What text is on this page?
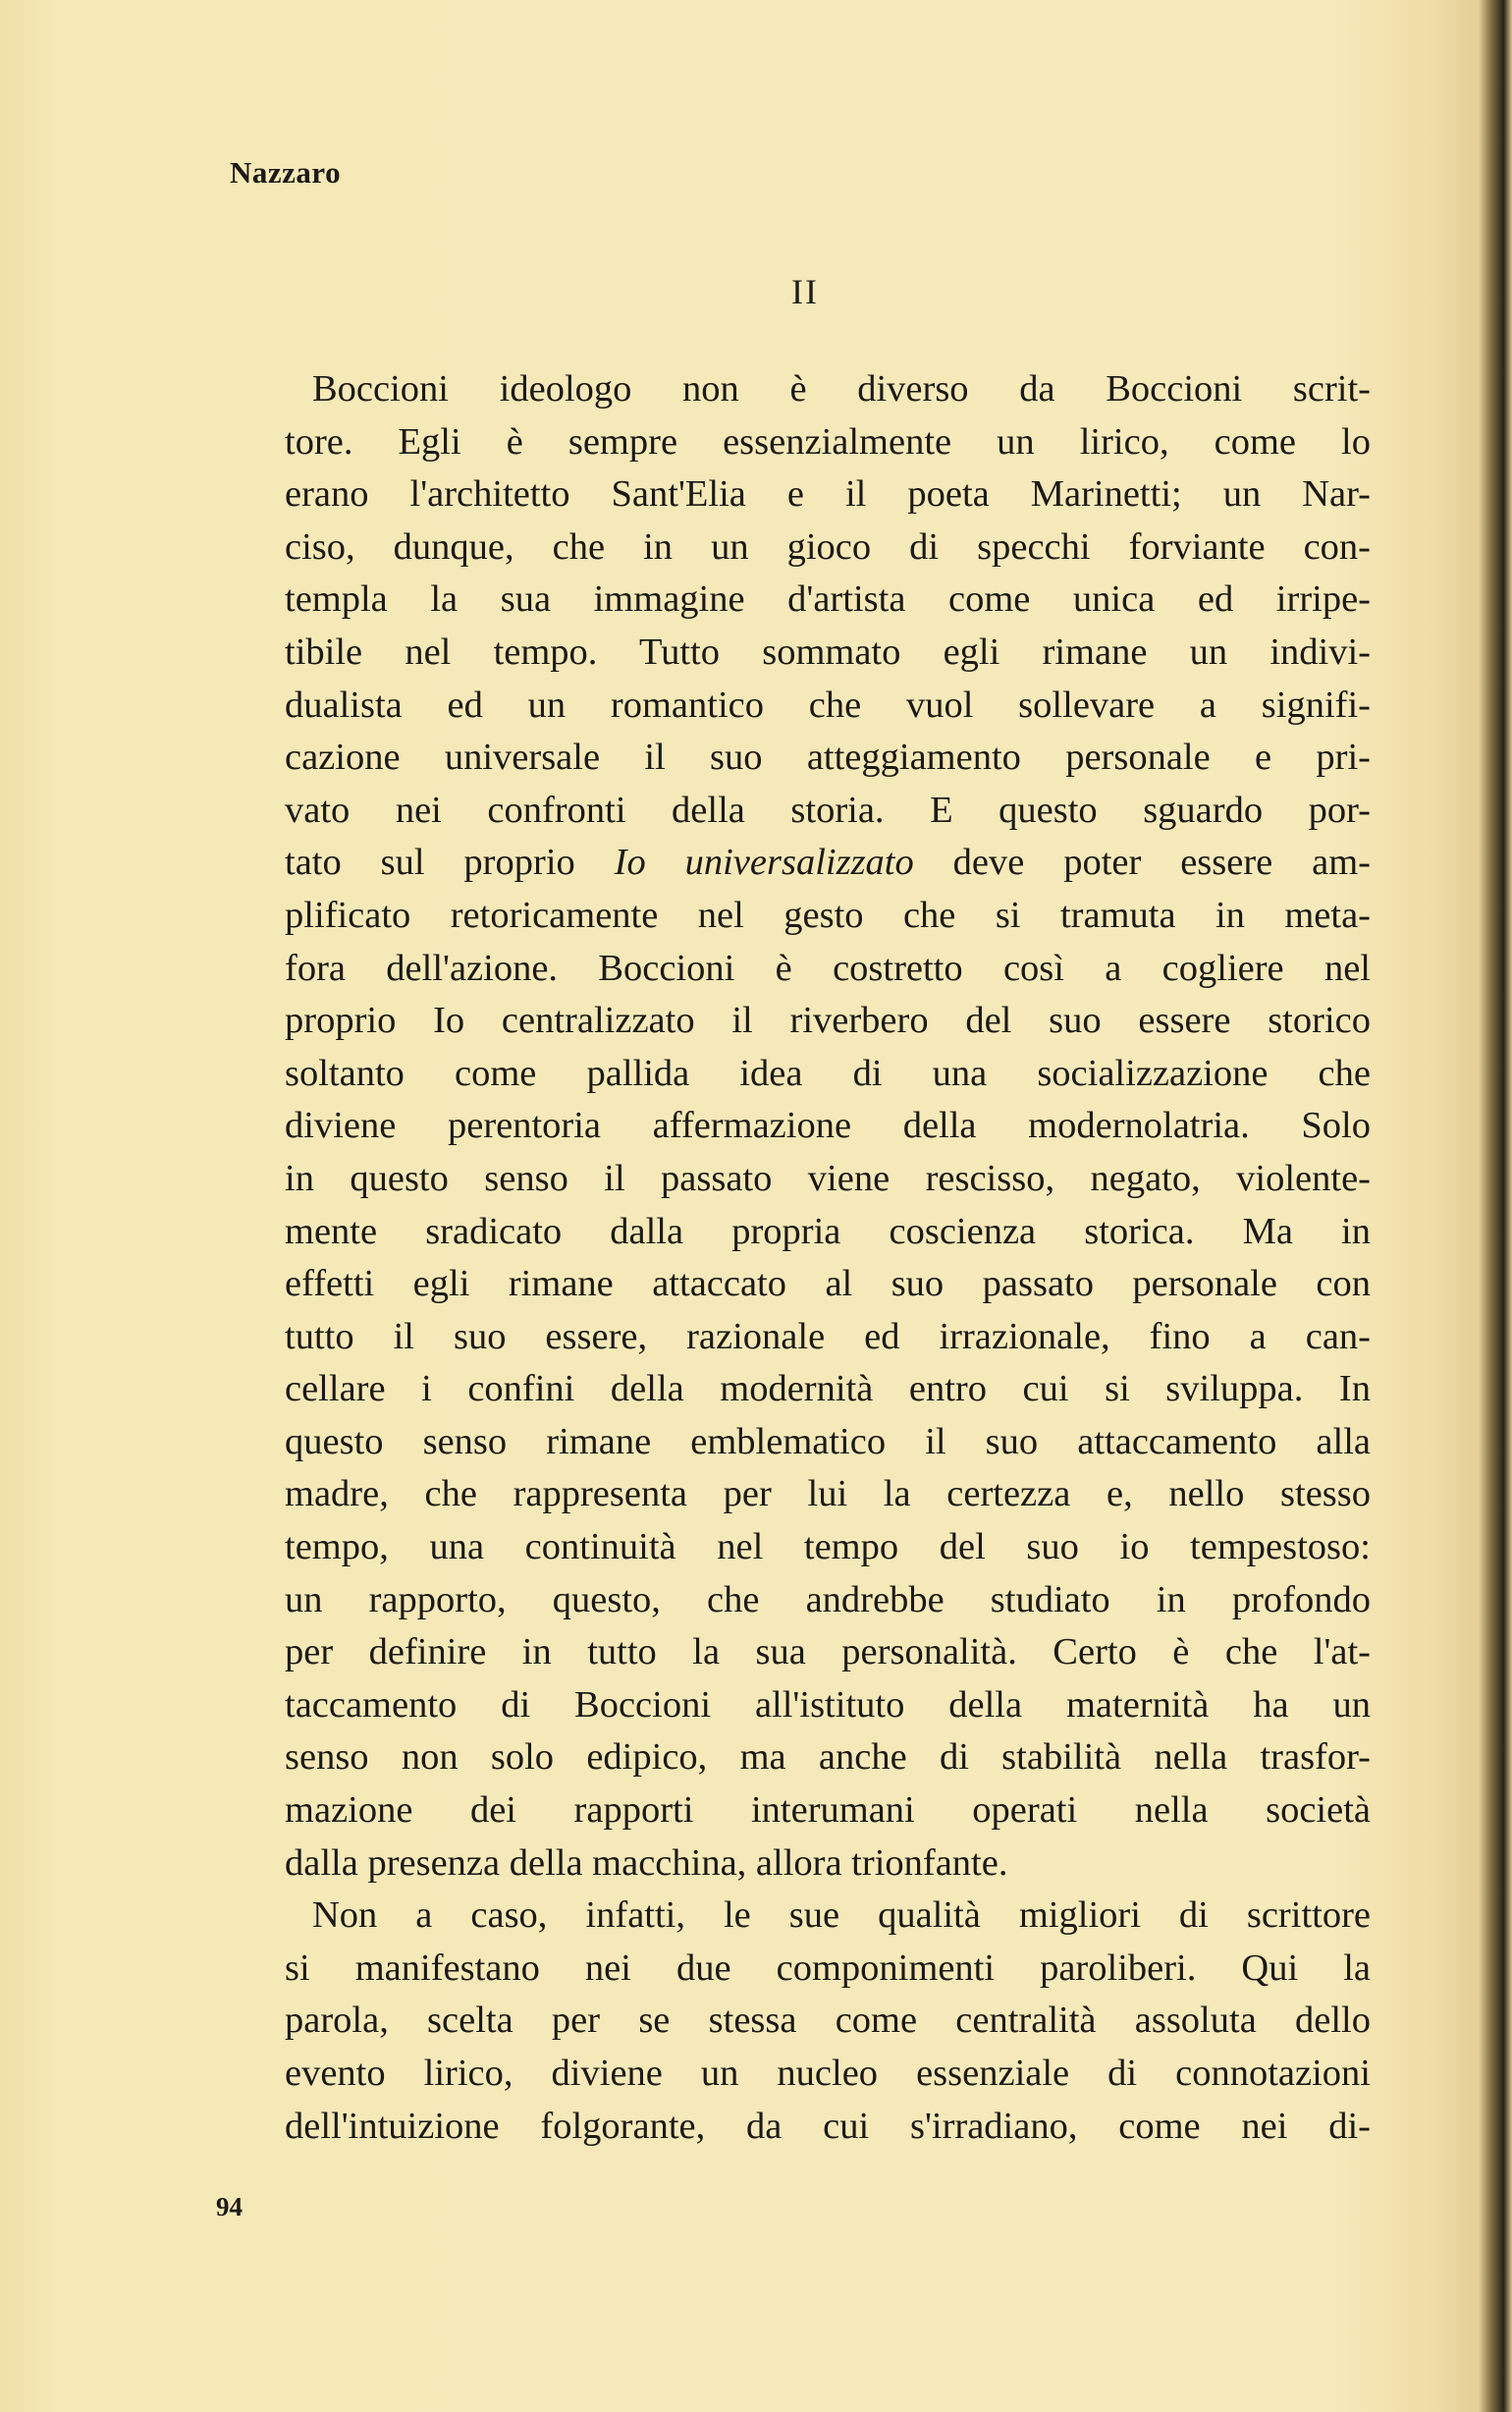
Nazzaro
II
Boccioni ideologo non è diverso da Boccioni scrit-
tore. Egli è sempre essenzialmente un lirico, come lo
erano l'architetto Sant'Elia e il poeta Marinetti; un Nar-
ciso, dunque, che in un gioco di specchi forviante con-
templa la sua immagine d'artista come unica ed irripe-
tibile nel tempo. Tutto sommato egli rimane un indivi-
dualista ed un romantico che vuol sollevare a signifi-
cazione universale il suo atteggiamento personale e pri-
vato nei confronti della storia. E questo sguardo por-
tato sul proprio Io universalizzato deve poter essere am-
plificato retoricamente nel gesto che si tramuta in meta-
fora dell'azione. Boccioni è costretto così a cogliere nel
proprio Io centralizzato il riverbero del suo essere storico
soltanto come pallida idea di una socializzazione che
diviene perentoria affermazione della modernolatria. Solo
in questo senso il passato viene rescisso, negato, violente-
mente sradicato dalla propria coscienza storica. Ma in
effetti egli rimane attaccato al suo passato personale con
tutto il suo essere, razionale ed irrazionale, fino a can-
cellare i confini della modernità entro cui si sviluppa. In
questo senso rimane emblematico il suo attaccamento alla
madre, che rappresenta per lui la certezza e, nello stesso
tempo, una continuità nel tempo del suo io tempestoso:
un rapporto, questo, che andrebbe studiato in profondo
per definire in tutto la sua personalità. Certo è che l'at-
taccamento di Boccioni all'istituto della maternità ha un
senso non solo edipico, ma anche di stabilità nella trasfor-
mazione dei rapporti interumani operati nella società
dalla presenza della macchina, allora trionfante.
Non a caso, infatti, le sue qualità migliori di scrittore
si manifestano nei due componimenti paroliberi. Qui la
parola, scelta per se stessa come centralità assoluta dello
evento lirico, diviene un nucleo essenziale di connotazioni
dell'intuizione folgorante, da cui s'irradiano, come nei di-
94
